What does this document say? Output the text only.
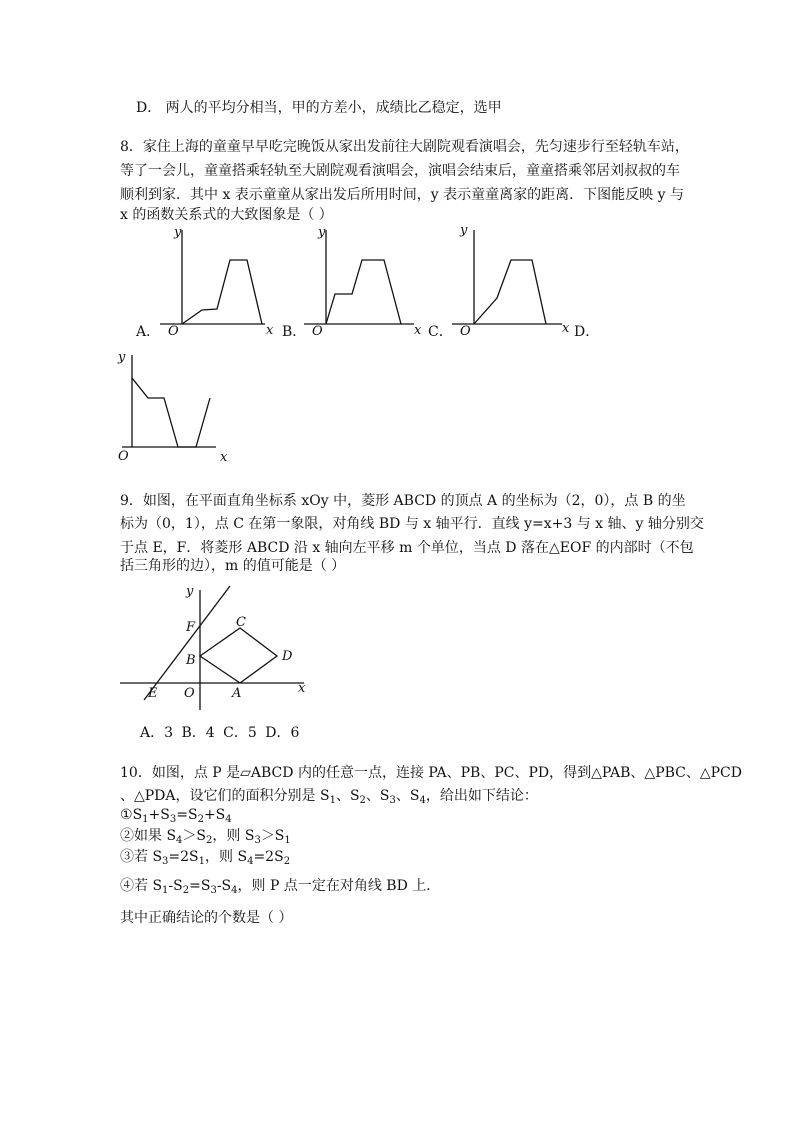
D． 两人的平均分相当，甲的方差小，成绩比乙稳定，选甲
8．家住上海的童童早早吃完晚饭从家出发前往大剧院观看演唱会，先匀速步行至轻轨车站，
等了一会儿，童童搭乘轻轨至大剧院观看演唱会，演唱会结束后，童童搭乘邻居刘叔叔的车
顺利到家．其中 x 表示童童从家出发后所用时间，y 表示童童离家的距离．下图能反映 y 与
x 的函数关系式的大致图象是（ ）
y
x
O
A．
y
x
O
B．
y
x
O
C．	D．
y
x
O
9．如图，在平面直角坐标系 xOy 中，菱形 ABCD 的顶点 A 的坐标为（2，0），点 B 的坐
标为（0，1），点 C 在第一象限，对角线 BD 与 x 轴平行．直线 y=x+3 与 x 轴、y 轴分别交
于点 E，F．将菱形 ABCD 沿 x 轴向左平移 m 个单位，当点 D 落在△EOF 的内部时（不包
括三角形的边），m 的值可能是（ ）
y
x
F	C
B	D
E O	A
A．3 B．4 C．5 D．6
10．如图，点 P 是▱ABCD 内的任意一点，连接 PA、PB、PC、PD，得到△PAB、△PBC、△PCD
、△PDA，设它们的面积分别是 $S_1$、$S_2$、$S_3$、$S_4$，给出如下结论：
$①S_1+S_3=S_2+S_4$
②如果 $S_4>S_2$，则 $S_3>S_1$
③若 $S_3=2S_1$，则 $S_4=2S_2$
④若 $S_1-S_2=S_3-S_4$，则 P 点一定在对角线 BD 上．
其中正确结论的个数是（ ）
